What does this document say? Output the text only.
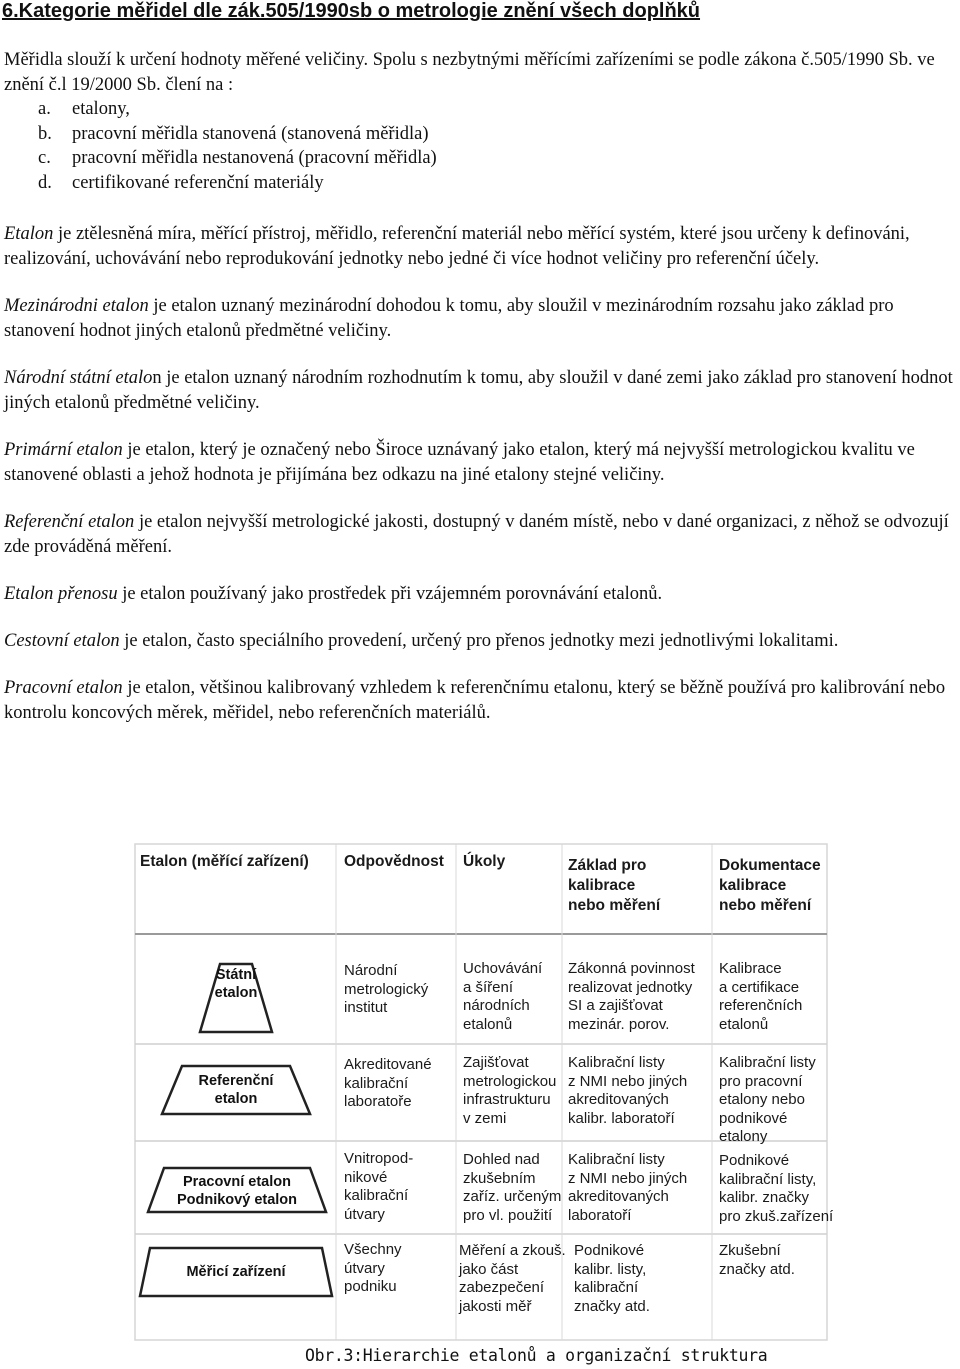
6.Kategorie měřidel dle zák.505/1990sb o metrologie znění všech doplňků

Měřidla slouží k určení hodnoty měřené veličiny. Spolu s nezbytnými měřícími zařízeními se podle zákona č.505/1990 Sb. ve znění č.l 19/2000 Sb. člení na :

a. etalony,
b. pracovní měřidla stanovená (stanovená měřidla)
c. pracovní měřidla nestanovená (pracovní měřidla)
d. certifikované referenční materiály

Etalon je ztělesněná míra, měřící přístroj, měřidlo, referenční materiál nebo měřící systém, které jsou určeny k definováni, realizování, uchovávání nebo reprodukování jednotky nebo jedné či více hodnot veličiny pro referenční účely.

Mezinárodni etalon je etalon uznaný mezinárodní dohodou k tomu, aby sloužil v mezinárodním rozsahu jako základ pro stanovení hodnot jiných etalonů předmětné veličiny.

Národní státní etalon je etalon uznaný národním rozhodnutím k tomu, aby sloužil v dané zemi jako základ pro stanovení hodnot jiných etalonů předmětné veličiny.

Primární etalon je etalon, který je označený nebo Široce uznávaný jako etalon, který má nejvyšší metrologickou kvalitu ve stanovené oblasti a jehož hodnota je přijímána bez odkazu na jiné etalony stejné veličiny.

Referenční etalon je etalon nejvyšší metrologické jakosti, dostupný v daném místě, nebo v dané organizaci, z něhož se odvozují zde prováděná měření.

Etalon přenosu je etalon používaný jako prostředek při vzájemném porovnávání etalonů.

Cestovní etalon je etalon, často speciálního provedení, určený pro přenos jednotky mezi jednotlivými lokalitami.

Pracovní etalon je etalon, většinou kalibrovaný vzhledem k referenčnímu etalonu, který se běžně používá pro kalibrování nebo kontrolu koncových měrek, měřidel, nebo referenčních materiálů.

Etalon (měřící zařízení) Odpovědnost Úkoly	Základ pro
kalibrace
nebo měření
Dokumentace
kalibrace
nebo měření
Státní
etalon
Referenční
etalon
Pracovní etalon
Podnikový etalon
Měřicí zařízení
Národní
metrologický
institut
Uchovávání
a šíření
národních
etalonů
Zákonná povinnost
realizovat jednotky
SI a zajišťovat
mezinár. porov.
Kalibrace
a certifikace
referenčních
etalonů
Akreditované
kalibrační
laboratoře
Zajišťovat
metrologickou
infrastrukturu
v zemi
Kalibrační listy
z NMI nebo jiných
akreditovaných
kalibr. laboratoří
Kalibrační listy
pro pracovní
etalony nebo
podnikové
etalony
Vnitropod-
nikové
kalibrační
útvary
Dohled nad
zkušebním
zaříz. určeným
pro vl. použití
Kalibrační listy
z NMI nebo jiných
akreditovaných
laboratoří
Podnikové
kalibrační listy,
kalibr. značky
pro zkuš.zařízení
Všechny
útvary
podniku
Měření a zkouš.
jako část
zabezpečení
jakosti měř
Podnikové
kalibr. listy,
kalibrační
značky atd.
Zkušební
značky atd.
Obr.3:Hierarchie etalonů a organizační struktura
